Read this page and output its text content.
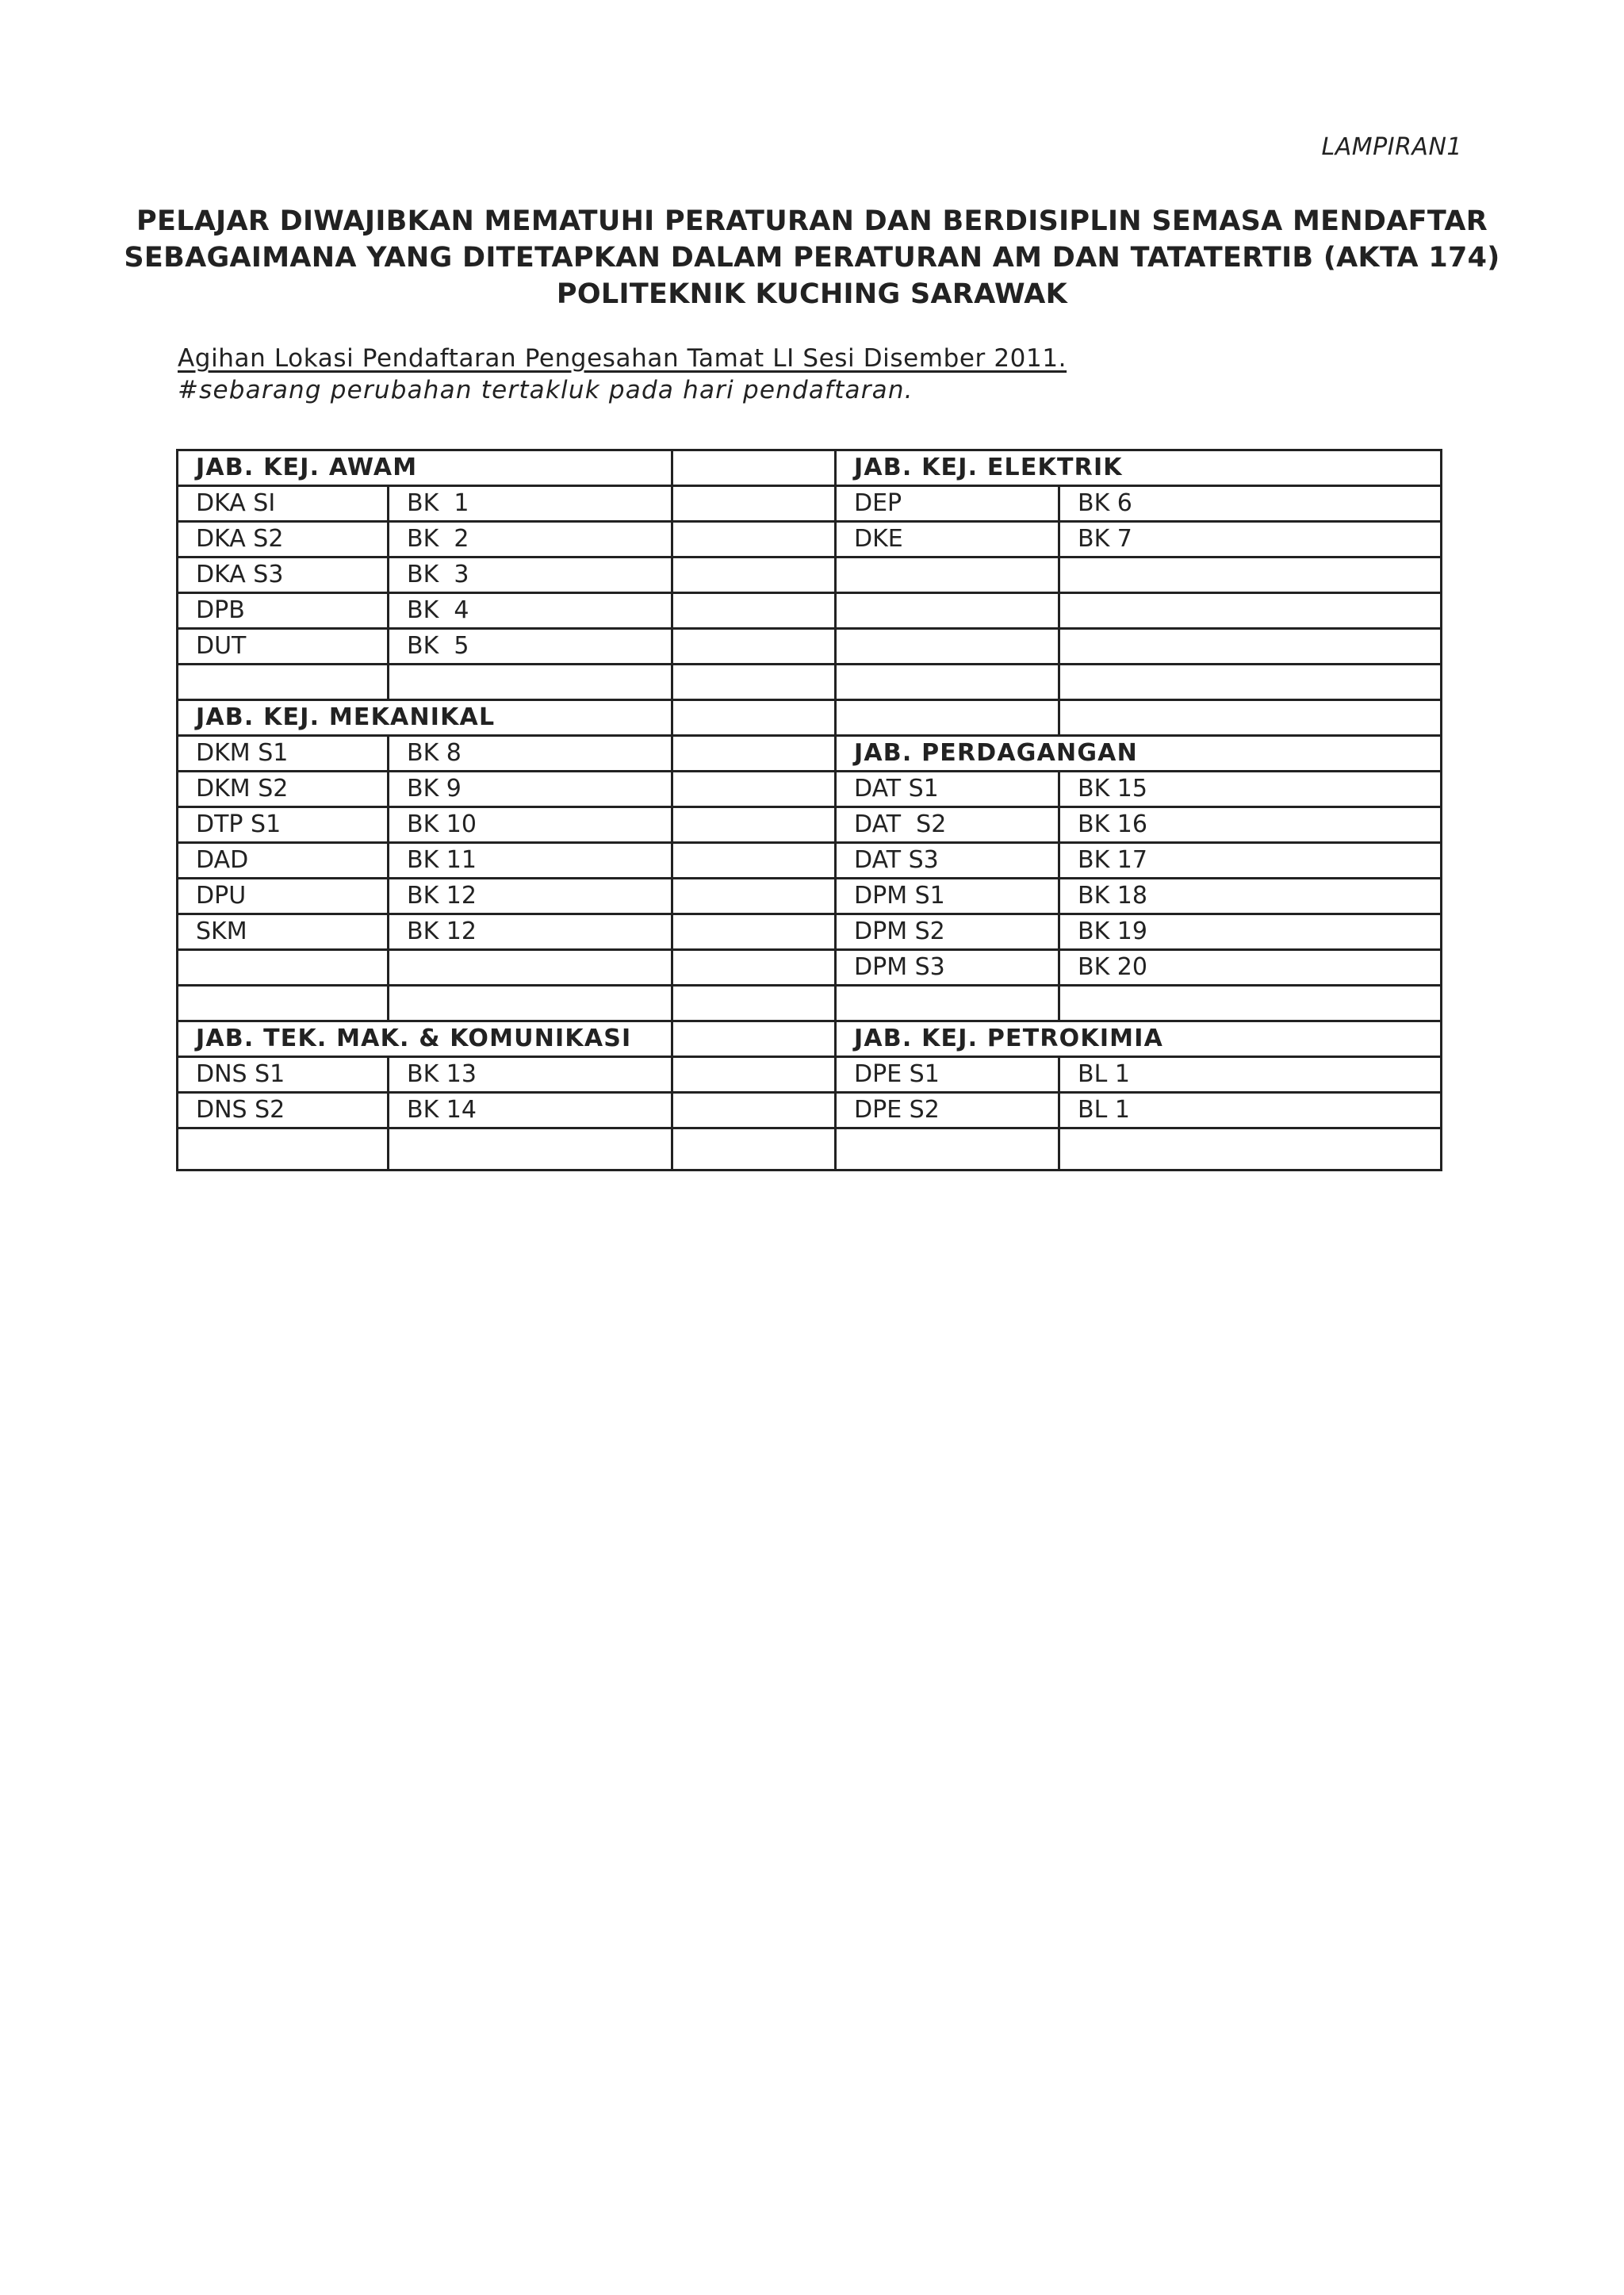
LAMPIRAN1
PELAJAR DIWAJIBKAN MEMATUHI PERATURAN DAN BERDISIPLIN SEMASA MENDAFTAR
SEBAGAIMANA YANG DITETAPKAN DALAM PERATURAN AM DAN TATATERTIB (AKTA 174)
POLITEKNIK KUCHING SARAWAK
Agihan Lokasi Pendaftaran Pengesahan Tamat LI Sesi Disember 2011.
#sebarang perubahan tertakluk pada hari pendaftaran.
JAB. KEJ. AWAM			JAB. KEJ. ELEKTRIK	
DKA SI	BK  1		DEP	BK 6
DKA S2	BK  2		DKE	BK 7
DKA S3	BK  3			
DPB	BK  4			
DUT	BK  5			

JAB. KEJ. MEKANIKAL				
DKM S1	BK 8		JAB. PERDAGANGAN	
DKM S2	BK 9		DAT S1	BK 15
DTP S1	BK 10		DAT  S2	BK 16
DAD	BK 11		DAT S3	BK 17
DPU	BK 12		DPM S1	BK 18
SKM	BK 12		DPM S2	BK 19
			DPM S3	BK 20

JAB. TEK. MAK. & KOMUNIKASI			JAB. KEJ. PETROKIMIA	
DNS S1	BK 13		DPE S1	BL 1
DNS S2	BK 14		DPE S2	BL 1
